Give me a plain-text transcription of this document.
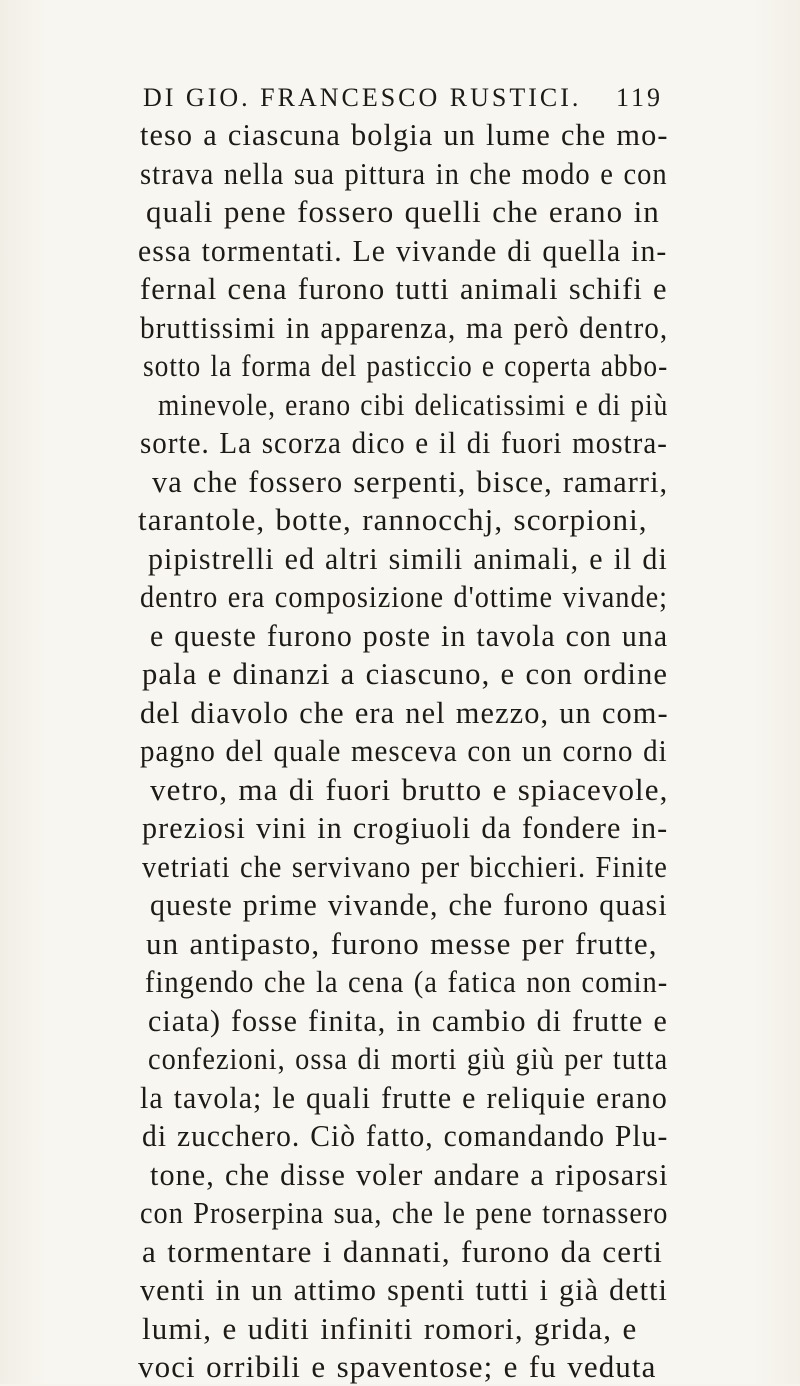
DI GIO. FRANCESCO RUSTICI. 119
teso a ciascuna bolgia un lume che mo-
strava nella sua pittura in che modo e con
quali pene fossero quelli che erano in
essa tormentati. Le vivande di quella in-
fernal cena furono tutti animali schifi e
bruttissimi in apparenza, ma però dentro,
sotto la forma del pasticcio e coperta abbo-
minevole, erano cibi delicatissimi e di più
sorte. La scorza dico e il di fuori mostra-
va che fossero serpenti, bisce, ramarri,
tarantole, botte, rannocchj, scorpioni,
pipistrelli ed altri simili animali, e il di
dentro era composizione d'ottime vivande;
e queste furono poste in tavola con una
pala e dinanzi a ciascuno, e con ordine
del diavolo che era nel mezzo, un com-
pagno del quale mesceva con un corno di
vetro, ma di fuori brutto e spiacevole,
preziosi vini in crogiuoli da fondere in-
vetriati che servivano per bicchieri. Finite
queste prime vivande, che furono quasi
un antipasto, furono messe per frutte,
fingendo che la cena (a fatica non comin-
ciata) fosse finita, in cambio di frutte e
confezioni, ossa di morti giù giù per tutta
la tavola; le quali frutte e reliquie erano
di zucchero. Ciò fatto, comandando Plu-
tone, che disse voler andare a riposarsi
con Proserpina sua, che le pene tornassero
a tormentare i dannati, furono da certi
venti in un attimo spenti tutti i già detti
lumi, e uditi infiniti romori, grida, e
voci orribili e spaventose; e fu veduta
